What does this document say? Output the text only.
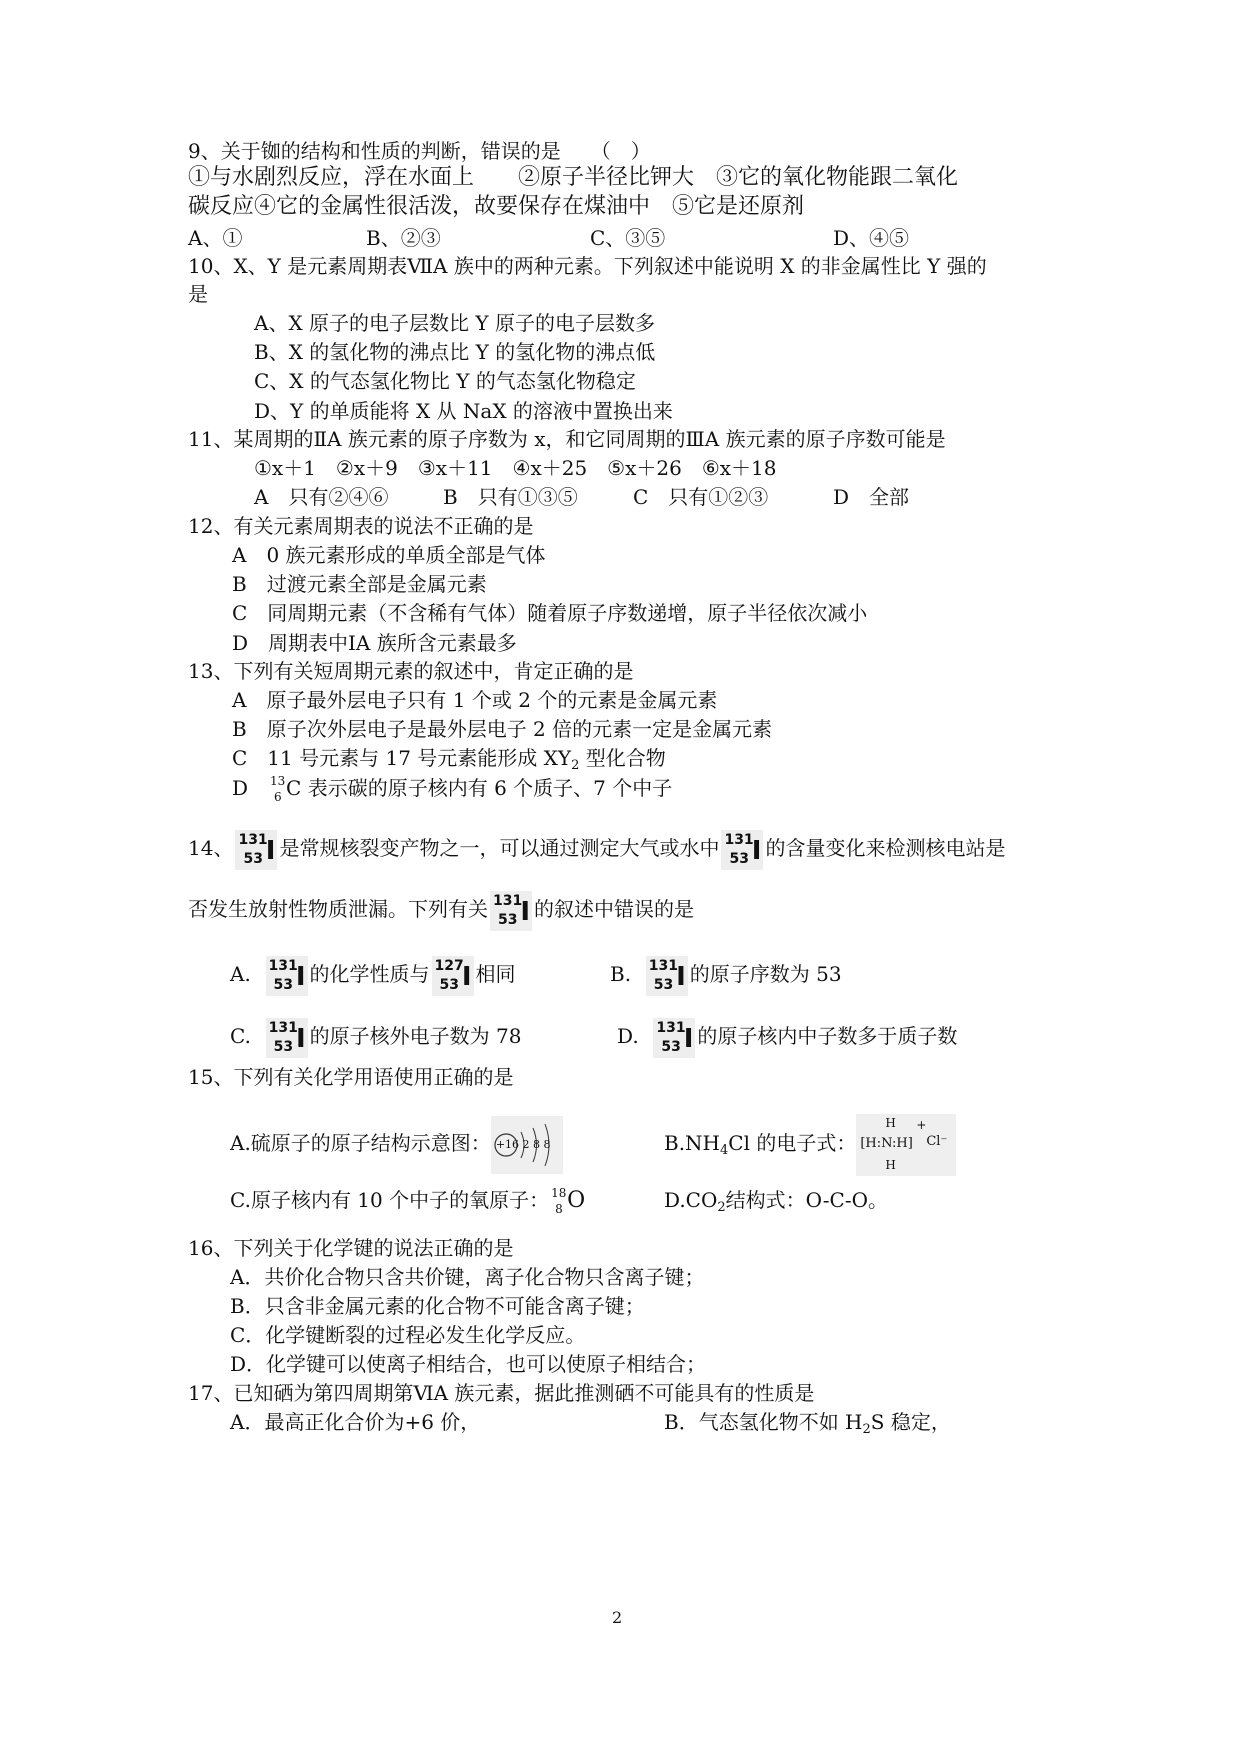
9、关于铷的结构和性质的判断，错误的是　　（　）
①与水剧烈反应，浮在水面上　　②原子半径比钾大　③它的氧化物能跟二氧化
碳反应④它的金属性很活泼，故要保存在煤油中　⑤它是还原剂
A、①	B、②③	C、③⑤	D、④⑤
10、X、Y 是元素周期表ⅦA 族中的两种元素。下列叙述中能说明 X 的非金属性比 Y 强的
是
A、X 原子的电子层数比 Y 原子的电子层数多
B、X 的氢化物的沸点比 Y 的氢化物的沸点低
C、X 的气态氢化物比 Y 的气态氢化物稳定
D、Y 的单质能将 X 从 NaX 的溶液中置换出来
11、某周期的ⅡA 族元素的原子序数为 x，和它同周期的ⅢA 族元素的原子序数可能是
①x＋1　②x＋9　③x＋11　④x＋25　⑤x＋26　⑥x＋18
A　只有②④⑥	B　只有①③⑤	C　只有①②③	D　全部
12、有关元素周期表的说法不正确的是
A　0 族元素形成的单质全部是气体
B　过渡元素全部是金属元素
C　同周期元素（不含稀有气体）随着原子序数递增，原子半径依次减小
D　周期表中ⅠA 族所含元素最多
13、下列有关短周期元素的叙述中，肯定正确的是
A　原子最外层电子只有 1 个或 2 个的元素是金属元素
B　原子次外层电子是最外层电子 2 倍的元素一定是金属元素
C　11 号元素与 17 号元素能形成 $XY_2$ 型化合物
D　 13
6 C 表示碳的原子核内有 6 个质子、7 个中子
14、 131
53 I 是常规核裂变产物之一，可以通过测定大气或水中 131
53 I 的含量变化来检测核电站是
否发生放射性物质泄漏。下列有关 131
53 I 的叙述中错误的是
A. 131
53 I 的化学性质与 127
53 I 相同	B. 131
53 I 的原子序数为 53
C. 131
53 I 的原子核外电子数为 78	D. 131
53 I 的原子核内中子数多于质子数
15、下列有关化学用语使用正确的是
A.硫原子的原子结构示意图： +16 2 8 8	$B.NH_4Cl$ 的电子式：
H
[H:N:H]
H
+
Cl⁻
C.原子核内有 10 个中子的氧原子： 18
8 O	$D.CO_2$结构式：O-C-O。
16、下列关于化学键的说法正确的是
A．共价化合物只含共价键，离子化合物只含离子键；
B．只含非金属元素的化合物不可能含离子键；
C．化学键断裂的过程必发生化学反应。
D．化学键可以使离子相结合，也可以使原子相结合；
17、已知硒为第四周期第ⅥA 族元素，据此推测硒不可能具有的性质是
A．最高正化合价为+6 价，	B．气态氢化物不如 $H_2S$ 稳定，
2
